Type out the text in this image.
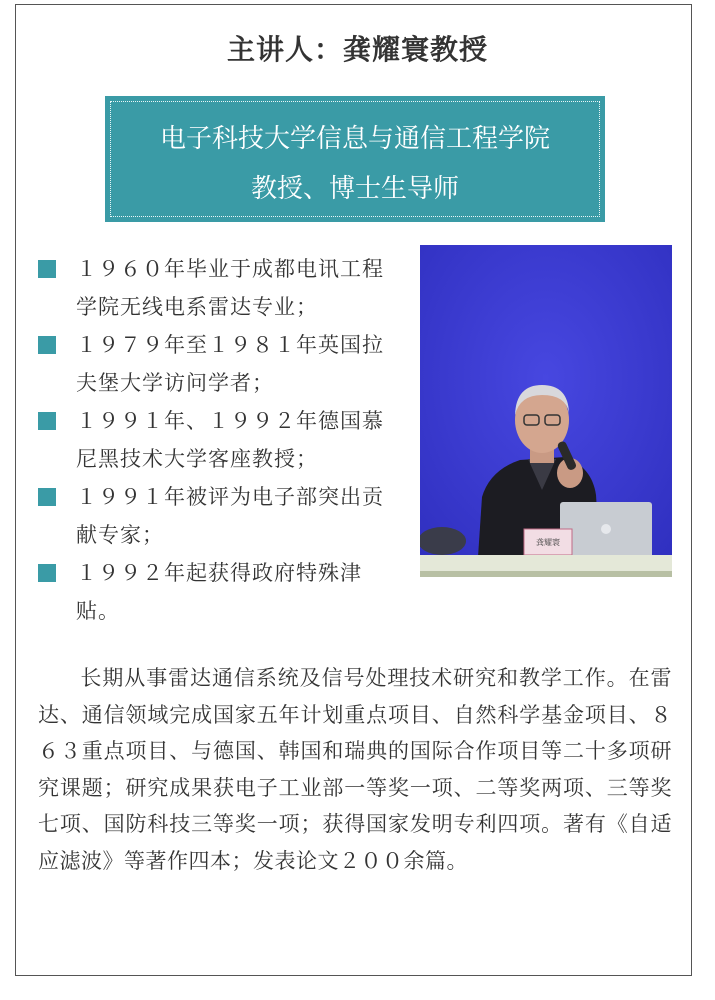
主讲人：龚耀寰教授
电子科技大学信息与通信工程学院
教授、博士生导师
１９６０年毕业于成都电讯工程学院无线电系雷达专业；
１９７９年至１９８１年英国拉夫堡大学访问学者；
１９９１年、１９９２年德国慕尼黑技术大学客座教授；
１９９１年被评为电子部突出贡献专家；
１９９２年起获得政府特殊津贴。
龚耀寰
长期从事雷达通信系统及信号处理技术研究和教学工作。在雷达、通信领域完成国家五年计划重点项目、自然科学基金项目、８６３重点项目、与德国、韩国和瑞典的国际合作项目等二十多项研究课题；研究成果获电子工业部一等奖一项、二等奖两项、三等奖七项、国防科技三等奖一项；获得国家发明专利四项。著有《自适应滤波》等著作四本；发表论文２００余篇。
